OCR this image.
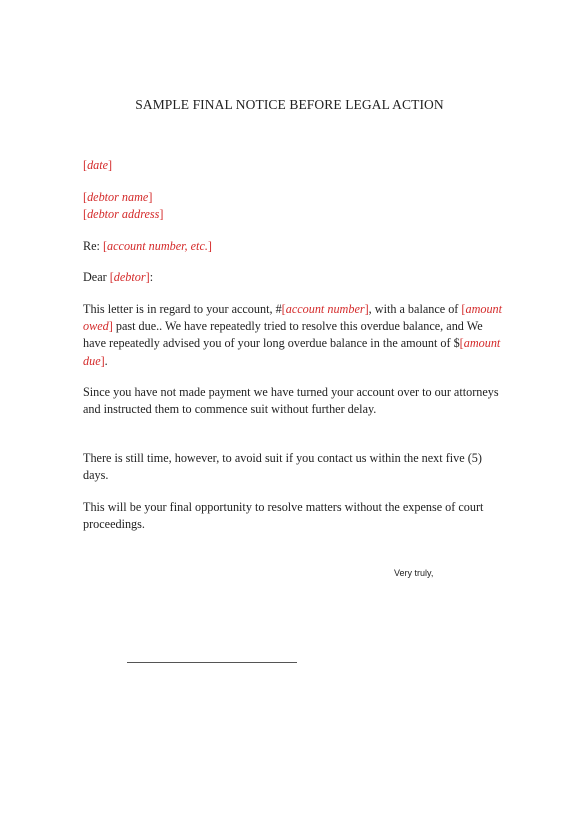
SAMPLE FINAL NOTICE BEFORE LEGAL ACTION
[date]
[debtor name]
[debtor address]
Re: [account number, etc.]
Dear [debtor]:

This letter is in regard to your account, #[account number], with a balance of [amount owed] past due.. We have repeatedly tried to resolve this overdue balance, and We have repeatedly advised you of your long overdue balance in the amount of $[amount due].

Since you have not made payment we have turned your account over to our attorneys and instructed them to commence suit without further delay.

There is still time, however, to avoid suit if you contact us within the next five (5) days.

This will be your final opportunity to resolve matters without the expense of court proceedings.

Very truly,
